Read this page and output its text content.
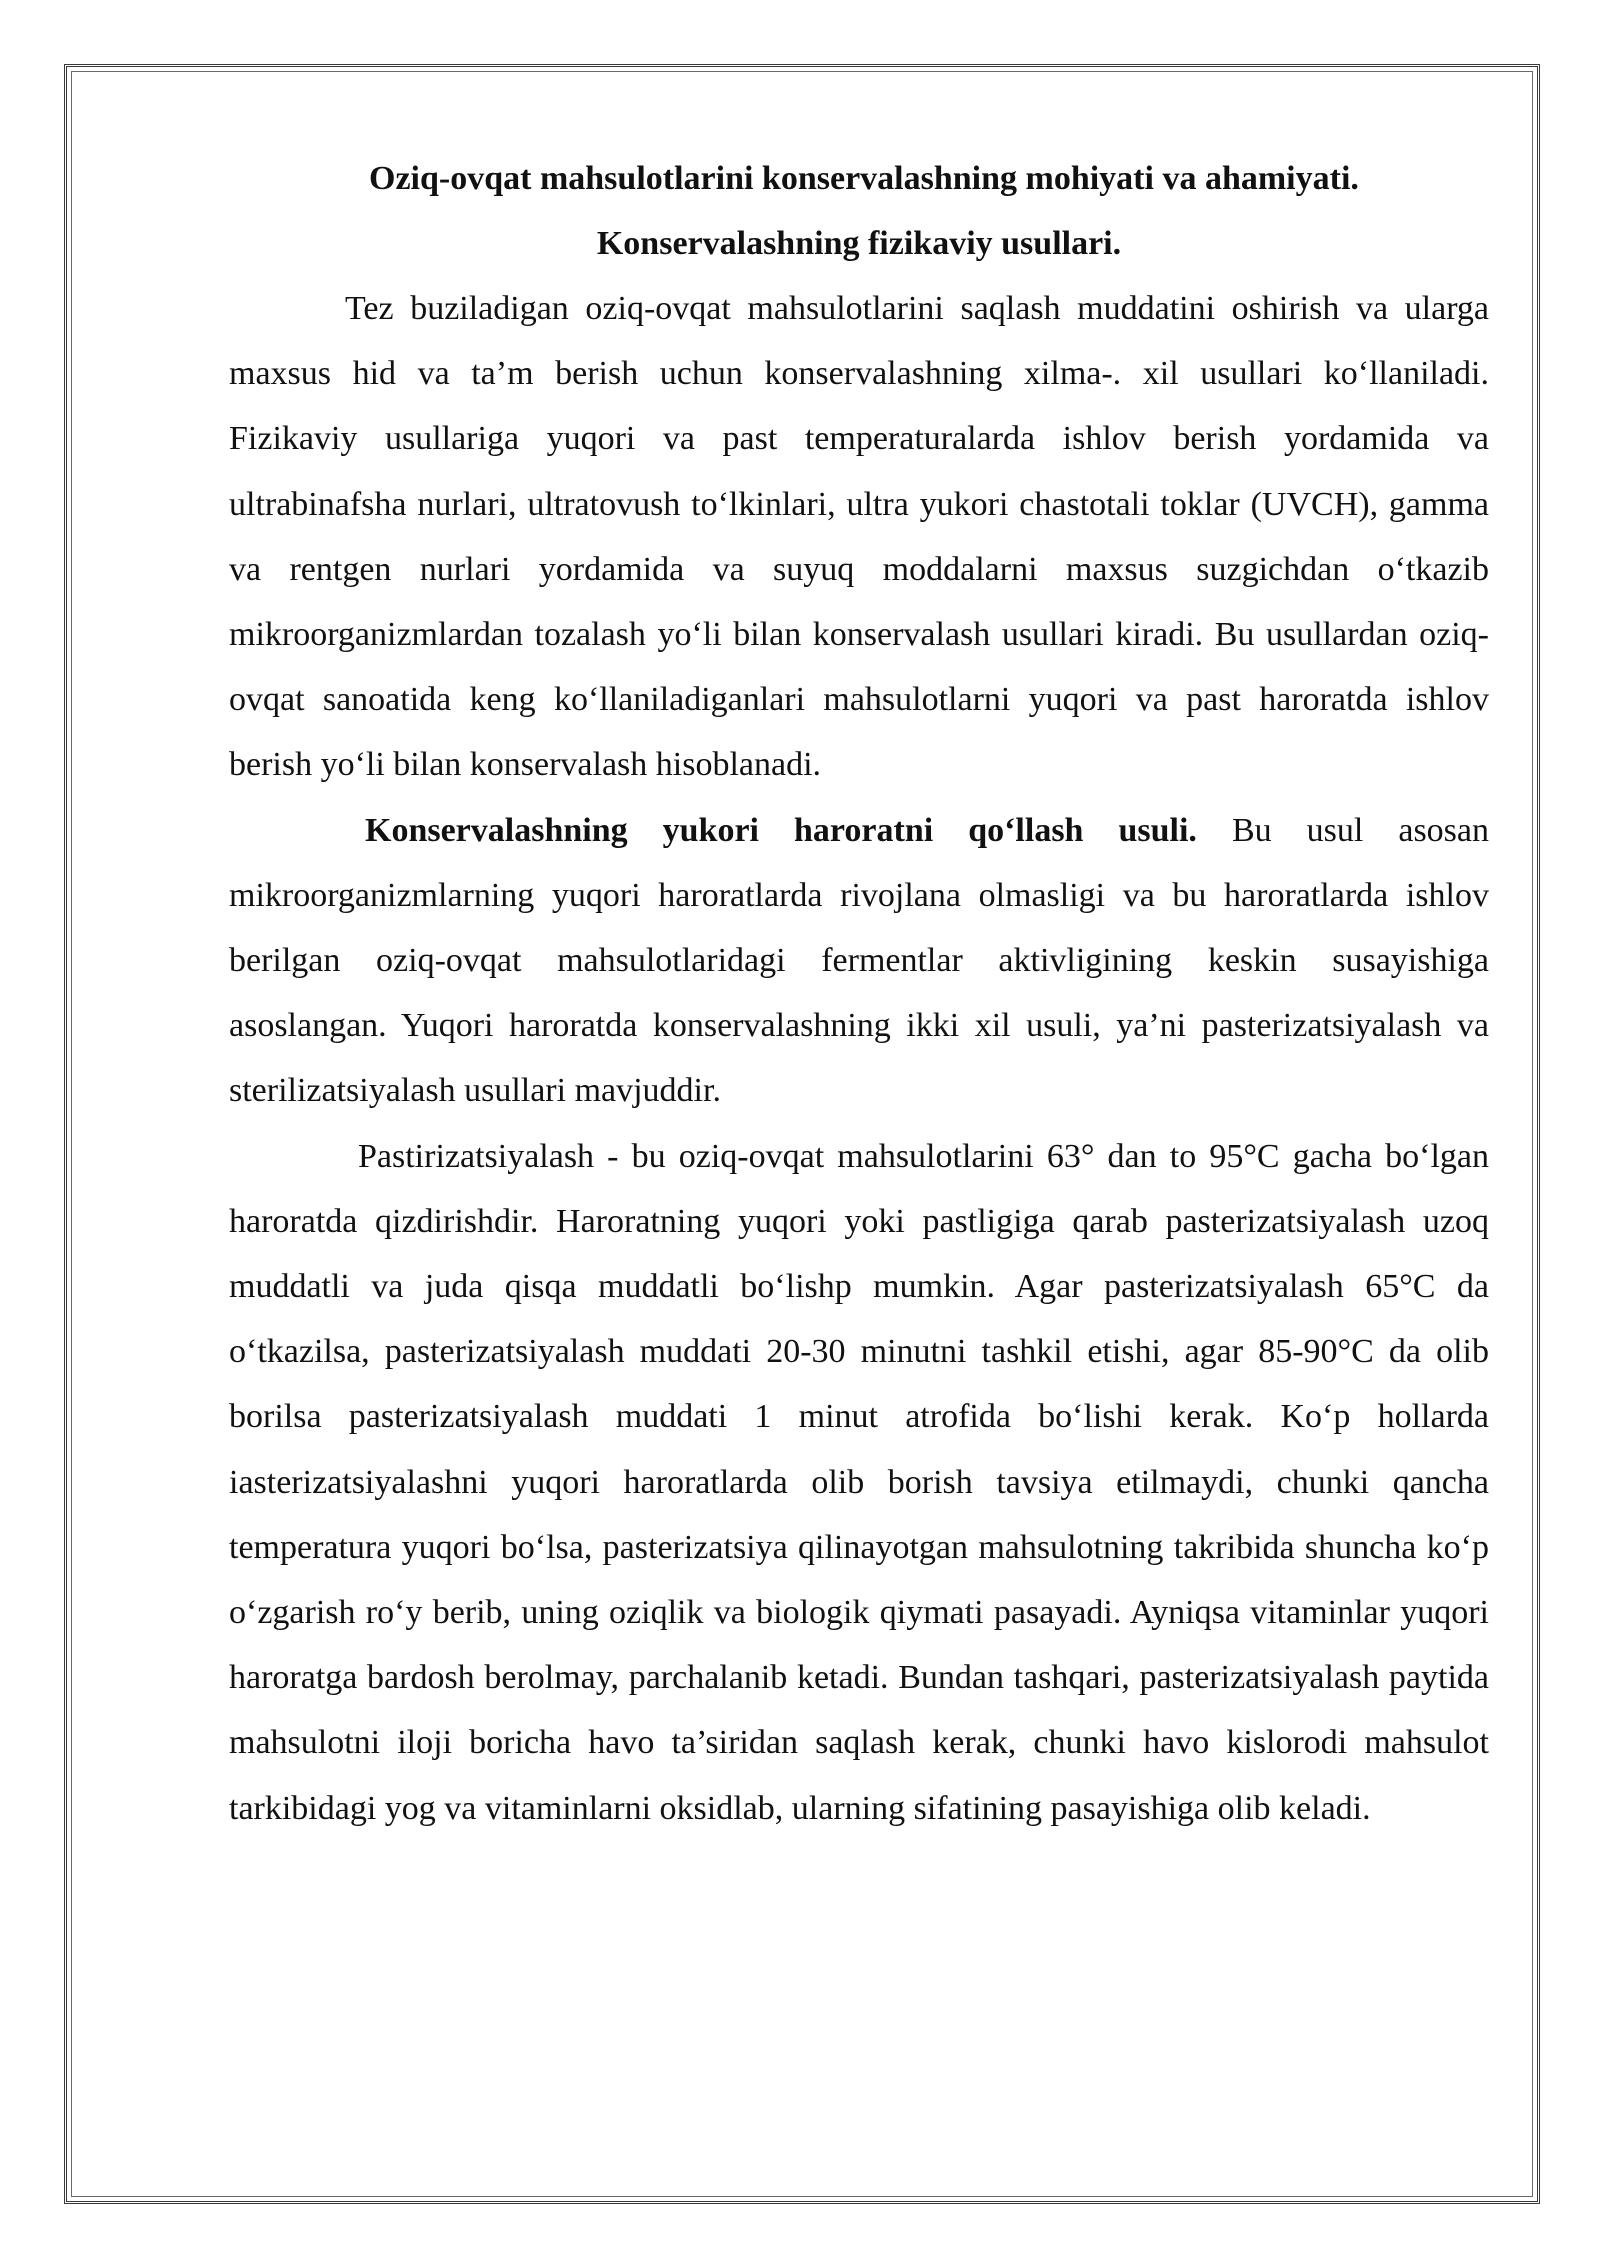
Oziq-ovqat mahsulotlarini konservalashning mohiyati va ahamiyati.

Konservalashning fizikaviy usullari.

Tez buziladigan oziq-ovqat mahsulotlarini saqlash muddatini oshirish va ularga maxsus hid va ta’m berish uchun konservalashning xilma-. xil usullari ko‘llaniladi. Fizikaviy usullariga yuqori va past temperaturalarda ishlov berish yordamida va ultrabinafsha nurlari, ultratovush to‘lkinlari, ultra yukori chastotali toklar (UVCH), gamma va rentgen nurlari yordamida va suyuq moddalarni maxsus suzgichdan o‘tkazib mikroorganizmlardan tozalash yo‘li bilan konservalash usullari kiradi. Bu usullardan oziq-ovqat sanoatida keng ko‘llaniladiganlari mahsulotlarni yuqori va past haroratda ishlov berish yo‘li bilan konservalash hisoblanadi.

Konservalashning yukori haroratni qo‘llash usuli. Bu usul asosan mikroorganizmlarning yuqori haroratlarda rivojlana olmasligi va bu haroratlarda ishlov berilgan oziq-ovqat mahsulotlaridagi fermentlar aktivligining keskin susayishiga asoslangan. Yuqori haroratda konservalashning ikki xil usuli, ya’ni pasterizatsiyalash va sterilizatsiyalash usullari mavjuddir.

Pastirizatsiyalash - bu oziq-ovqat mahsulotlarini 63° dan to 95°C gacha bo‘lgan haroratda qizdirishdir. Haroratning yuqori yoki pastligiga qarab pasterizatsiyalash uzoq muddatli va juda qisqa muddatli bo‘lishp mumkin. Agar pasterizatsiyalash 65°C da o‘tkazilsa, pasterizatsiyalash muddati 20-30 minutni tashkil etishi, agar 85-90°C da olib borilsa pasterizatsiyalash muddati 1 minut atrofida bo‘lishi kerak. Ko‘p hollarda iasterizatsiyalashni yuqori haroratlarda olib borish tavsiya etilmaydi, chunki qancha temperatura yuqori bo‘lsa, pasterizatsiya qilinayotgan mahsulotning takribida shuncha ko‘p o‘zgarish ro‘y berib, uning oziqlik va biologik qiymati pasayadi. Ayniqsa vitaminlar yuqori haroratga bardosh berolmay, parchalanib ketadi. Bundan tashqari, pasterizatsiyalash paytida mahsulotni iloji boricha havo ta’siridan saqlash kerak, chunki havo kislorodi mahsulot tarkibidagi yog va vitaminlarni oksidlab, ularning sifatining pasayishiga olib keladi.
